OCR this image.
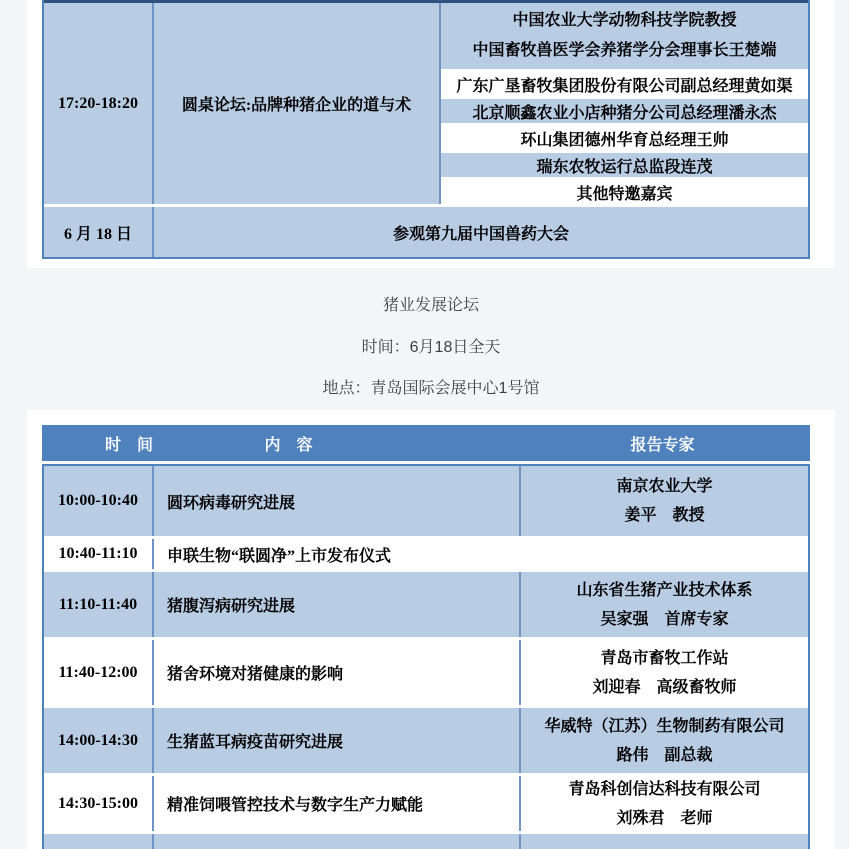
17:20-18:20	圆桌论坛:品牌种猪企业的道与术
中国农业大学动物科技学院教授
中国畜牧兽医学会养猪学分会理事长王楚端
广东广垦畜牧集团股份有限公司副总经理黄如渠
北京顺鑫农业小店种猪分公司总经理潘永杰
环山集团德州华育总经理王帅
瑞东农牧运行总监段连茂
其他特邀嘉宾
6 月 18 日	参观第九届中国兽药大会
猪业发展论坛
时间：6月18日全天
地点：青岛国际会展中心1号馆
时　间	内　容	报告专家
10:00-10:40	圆环病毒研究进展
南京农业大学
姜平　教授
10:40-11:10	申联生物“联圆净”上市发布仪式
11:10-11:40	猪腹泻病研究进展
山东省生猪产业技术体系
吴家强　首席专家
11:40-12:00	猪舍环境对猪健康的影响
青岛市畜牧工作站
刘迎春　高级畜牧师
14:00-14:30	生猪蓝耳病疫苗研究进展
华威特（江苏）生物制药有限公司
路伟　副总裁
14:30-15:00	精准饲喂管控技术与数字生产力赋能
青岛科创信达科技有限公司
刘殊君　老师
